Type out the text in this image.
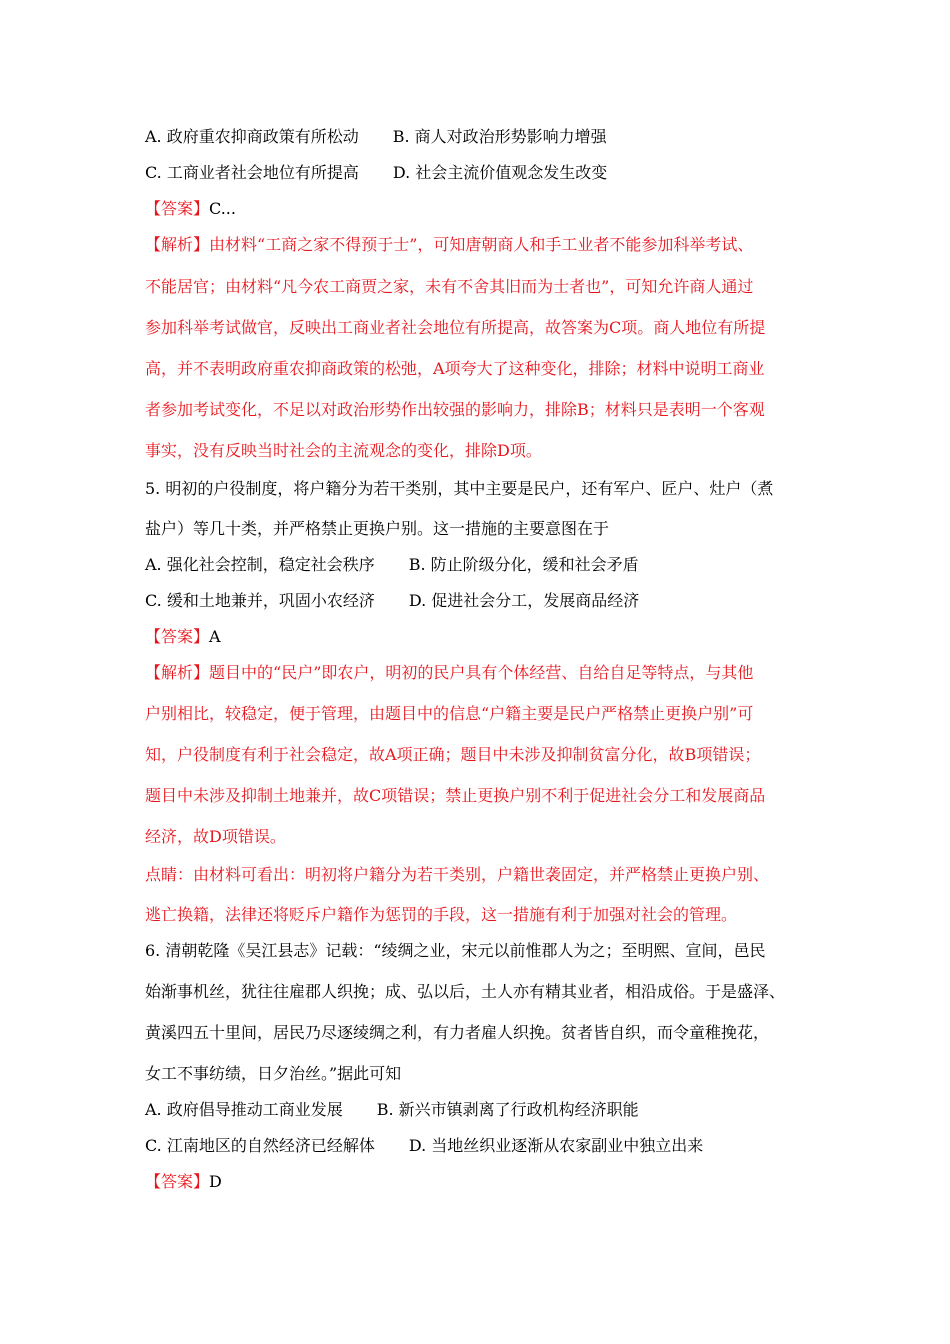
A. 政府重农抑商政策有所松动 B. 商人对政治形势影响力增强
C. 工商业者社会地位有所提高 D. 社会主流价值观念发生改变
【答案】C...
【解析】由材料“工商之家不得预于士”，可知唐朝商人和手工业者不能参加科举考试、
不能居官；由材料“凡今农工商贾之家，未有不舍其旧而为士者也”，可知允许商人通过
参加科举考试做官，反映出工商业者社会地位有所提高，故答案为C项。商人地位有所提
高，并不表明政府重农抑商政策的松弛，A项夸大了这种变化，排除；材料中说明工商业
者参加考试变化，不足以对政治形势作出较强的影响力，排除B；材料只是表明一个客观
事实，没有反映当时社会的主流观念的变化，排除D项。
5. 明初的户役制度，将户籍分为若干类别，其中主要是民户，还有军户、匠户、灶户（煮
盐户）等几十类，并严格禁止更换户别。这一措施的主要意图在于
A. 强化社会控制，稳定社会秩序 B. 防止阶级分化，缓和社会矛盾
C. 缓和土地兼并，巩固小农经济 D. 促进社会分工，发展商品经济
【答案】A
【解析】题目中的“民户”即农户，明初的民户具有个体经营、自给自足等特点，与其他
户别相比，较稳定，便于管理，由题目中的信息“户籍主要是民户严格禁止更换户别”可
知，户役制度有利于社会稳定，故A项正确；题目中未涉及抑制贫富分化，故B项错误；
题目中未涉及抑制土地兼并，故C项错误；禁止更换户别不利于促进社会分工和发展商品
经济，故D项错误。
点睛：由材料可看出：明初将户籍分为若干类别，户籍世袭固定，并严格禁止更换户别、
逃亡换籍，法律还将贬斥户籍作为惩罚的手段，这一措施有利于加强对社会的管理。
6. 清朝乾隆《吴江县志》记载：“绫绸之业，宋元以前惟郡人为之；至明熙、宣间，邑民
始渐事机丝，犹往往雇郡人织挽；成、弘以后，土人亦有精其业者，相沿成俗。于是盛泽、
黄溪四五十里间，居民乃尽逐绫绸之利，有力者雇人织挽。贫者皆自织，而令童稚挽花，
女工不事纺绩，日夕治丝。”据此可知
A. 政府倡导推动工商业发展 B. 新兴市镇剥离了行政机构经济职能
C. 江南地区的自然经济已经解体 D. 当地丝织业逐渐从农家副业中独立出来
【答案】D
